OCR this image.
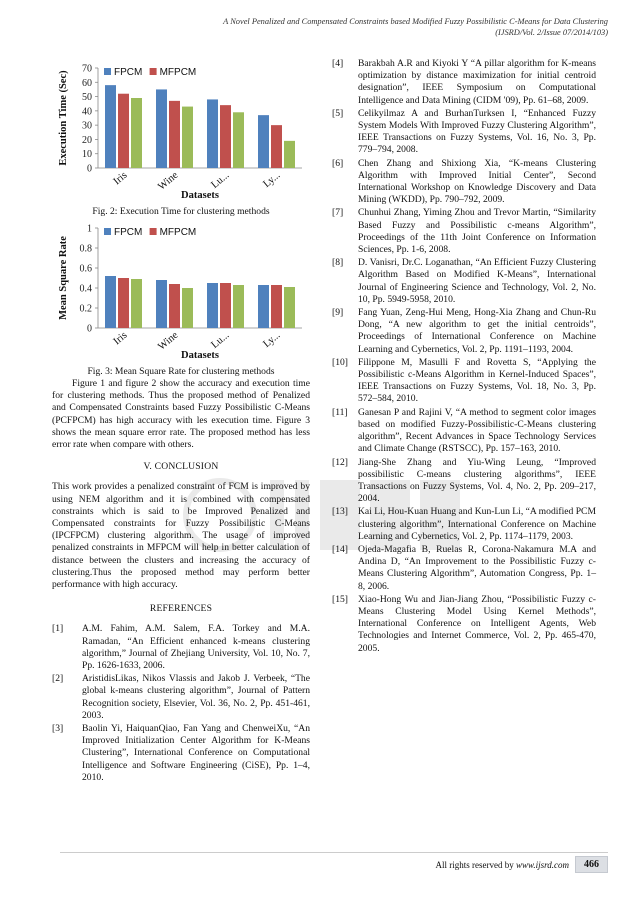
A Novel Penalized and Compensated Constraints based Modified Fuzzy Possibilistic C-Means for Data Clustering
(IJSRD/Vol. 2/Issue 07/2014/103)
0
10
20
30
40
50
60
70
Execution Time (Sec)
Iris	Wine	Lu...	Ly...
Datasets
FPCM MFPCM

Fig. 2: Execution Time for clustering methods

0
0.2
0.4
0.6
0.8
1
Mean Square Rate
Iris	Wine	Lu...	Ly...
Datasets
FPCM MFPCM

Fig. 3: Mean Square Rate for clustering methods

Figure 1 and figure 2 show the accuracy and execution time for clustering methods. Thus the proposed method of Penalized and Compensated Constraints based Fuzzy Possibilistic C-Means (PCFPCM) has high accuracy with les execution time. Figure 3 shows the mean square error rate. The proposed method has less error rate when compare with others.

V. CONCLUSION

This work provides a penalized constraint of FCM is improved by using NEM algorithm and it is combined with compensated constraints which is said to be Improved Penalized and Compensated constraints for Fuzzy Possibilistic C-Means (IPCFPCM) clustering algorithm. The usage of improved penalized constraints in MFPCM will help in better calculation of distance between the clusters and increasing the accuracy of clustering.Thus the proposed method may perform better performance with high accuracy.

REFERENCES
[1] A.M. Fahim, A.M. Salem, F.A. Torkey and M.A. Ramadan, “An Efficient enhanced k-means clustering algorithm,” Journal of Zhejiang University, Vol. 10, No. 7, Pp. 1626-1633, 2006.
[2] AristidisLikas, Nikos Vlassis and Jakob J. Verbeek, “The global k-means clustering algorithm”, Journal of Pattern Recognition society, Elsevier, Vol. 36, No. 2, Pp. 451-461, 2003.
[3] Baolin Yi, HaiquanQiao, Fan Yang and ChenweiXu, “An Improved Initialization Center Algorithm for K-Means Clustering”, International Conference on Computational Intelligence and Software Engineering (CiSE), Pp. 1–4, 2010.
[4] Barakbah A.R and Kiyoki Y “A pillar algorithm for K-means optimization by distance maximization for initial centroid designation”, IEEE Symposium on Computational Intelligence and Data Mining (CIDM '09), Pp. 61–68, 2009.
[5] Celikyilmaz A and BurhanTurksen I, “Enhanced Fuzzy System Models With Improved Fuzzy Clustering Algorithm”, IEEE Transactions on Fuzzy Systems, Vol. 16, No. 3, Pp. 779–794, 2008.
[6] Chen Zhang and Shixiong Xia, “K-means Clustering Algorithm with Improved Initial Center”, Second International Workshop on Knowledge Discovery and Data Mining (WKDD), Pp. 790–792, 2009.
[7] Chunhui Zhang, Yiming Zhou and Trevor Martin, “Similarity Based Fuzzy and Possibilistic c-means Algorithm”, Proceedings of the 11th Joint Conference on Information Sciences, Pp. 1-6, 2008.
[8] D. Vanisri, Dr.C. Loganathan, “An Efficient Fuzzy Clustering Algorithm Based on Modified K-Means”, International Journal of Engineering Science and Technology, Vol. 2, No. 10, Pp. 5949-5958, 2010.
[9] Fang Yuan, Zeng-Hui Meng, Hong-Xia Zhang and Chun-Ru Dong, “A new algorithm to get the initial centroids”, Proceedings of International Conference on Machine Learning and Cybernetics, Vol. 2, Pp. 1191–1193, 2004.
[10] Filippone M, Masulli F and Rovetta S, “Applying the Possibilistic c-Means Algorithm in Kernel-Induced Spaces”, IEEE Transactions on Fuzzy Systems, Vol. 18, No. 3, Pp. 572–584, 2010.
[11] Ganesan P and Rajini V, “A method to segment color images based on modified Fuzzy-Possibilistic-C-Means clustering algorithm”, Recent Advances in Space Technology Services and Climate Change (RSTSCC), Pp. 157–163, 2010.
[12] Jiang-She Zhang and Yiu-Wing Leung, “Improved possibilistic C-means clustering algorithms”, IEEE Transactions on Fuzzy Systems, Vol. 4, No. 2, Pp. 209–217, 2004.
[13] Kai Li, Hou-Kuan Huang and Kun-Lun Li, “A modified PCM clustering algorithm”, International Conference on Machine Learning and Cybernetics, Vol. 2, Pp. 1174–1179, 2003.
[14] Ojeda-Magafia B, Ruelas R, Corona-Nakamura M.A and Andina D, “An Improvement to the Possibilistic Fuzzy c-Means Clustering Algorithm”, Automation Congress, Pp. 1–8, 2006.
[15] Xiao-Hong Wu and Jian-Jiang Zhou, “Possibilistic Fuzzy c-Means Clustering Model Using Kernel Methods”, International Conference on Intelligent Agents, Web Technologies and Internet Commerce, Vol. 2, Pp. 465-470, 2005.
All rights reserved by www.ijsrd.com	466
